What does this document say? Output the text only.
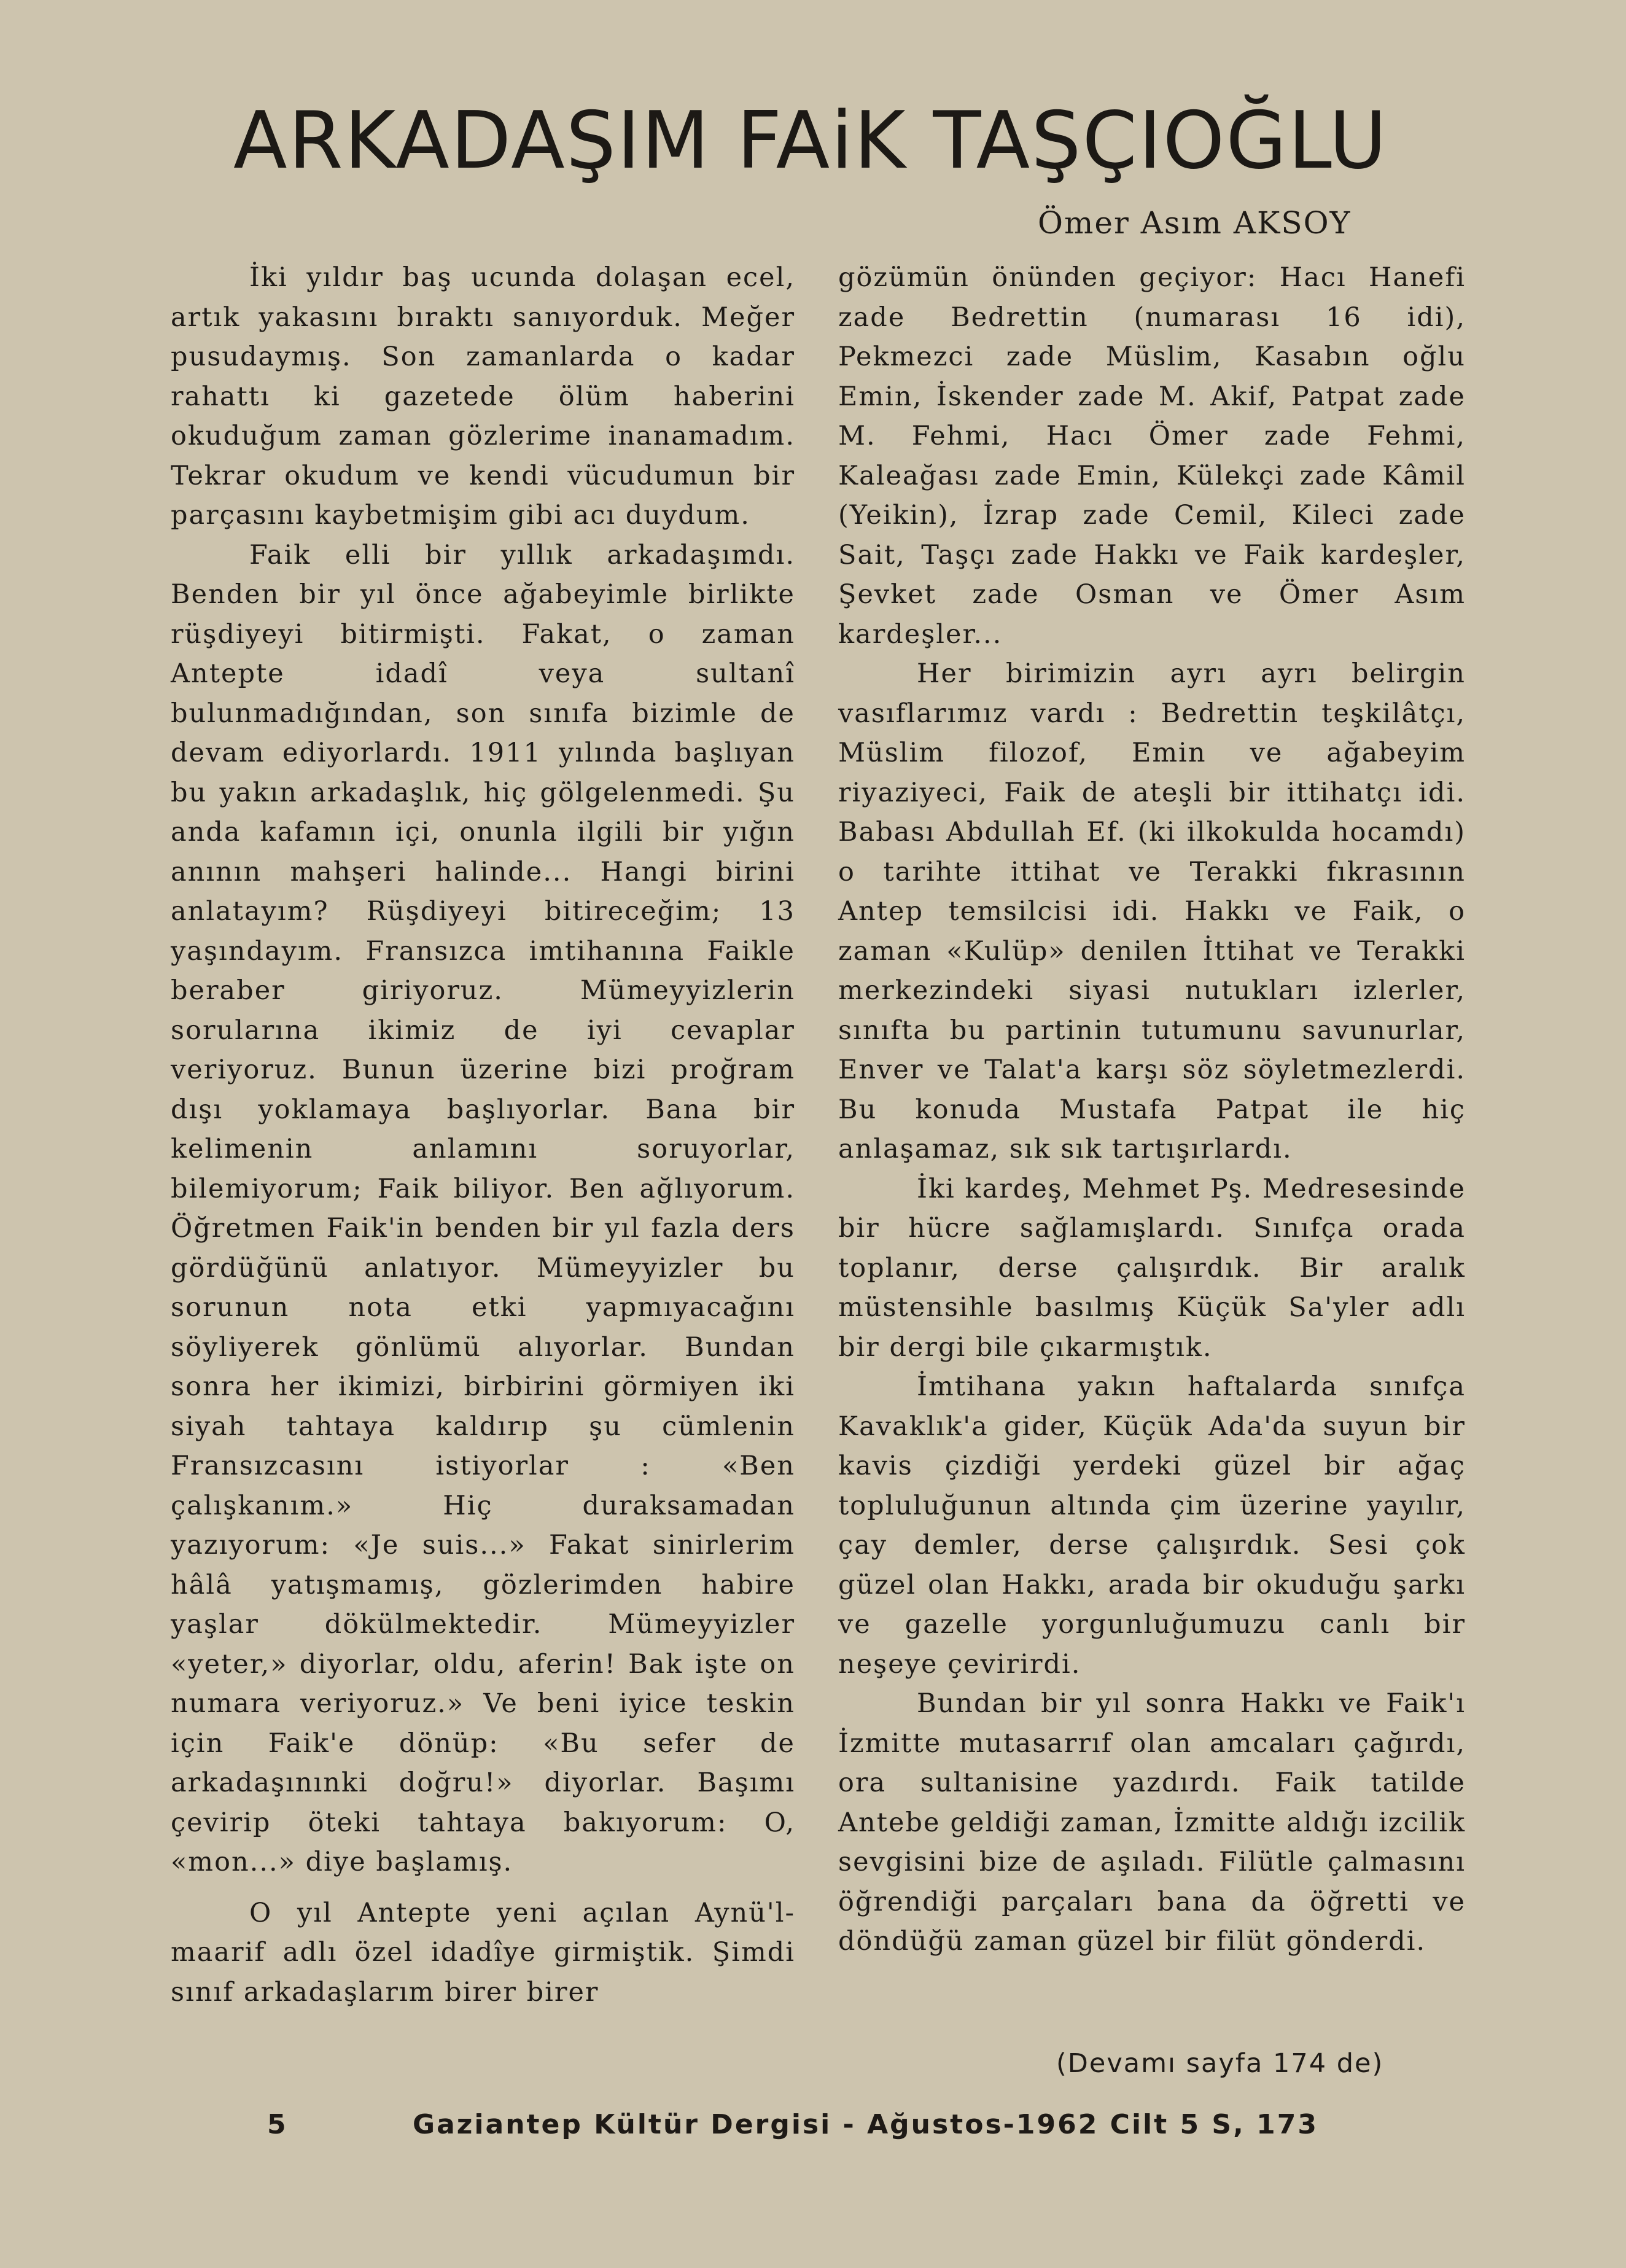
ARKADAŞIM FAiK TAŞÇIOĞLU
Ömer Asım AKSOY

İki yıldır baş ucunda dolaşan ecel, artık yakasını bıraktı sanıyorduk. Meğer pusudaymış. Son zamanlarda o kadar rahattı ki gazetede ölüm haberini okuduğum zaman gözlerime inanamadım. Tekrar okudum ve kendi vücudumun bir parçasını kaybetmişim gibi acı duydum.

Faik elli bir yıllık arkadaşımdı. Benden bir yıl önce ağabeyimle birlikte rüşdiyeyi bitirmişti. Fakat, o zaman Antepte idadî veya sultanî bulunmadığından, son sınıfa bizimle de devam ediyorlardı. 1911 yılında başlıyan bu yakın arkadaşlık, hiç gölgelenmedi. Şu anda kafamın içi, onunla ilgili bir yığın anının mahşeri halinde... Hangi birini anlatayım? Rüşdiyeyi bitireceğim; 13 yaşındayım. Fransızca imtihanına Faikle beraber giriyoruz. Mümeyyizlerin sorularına ikimiz de iyi cevaplar veriyoruz. Bunun üzerine bizi proğram dışı yoklamaya başlıyorlar. Bana bir kelimenin anlamını soruyorlar, bilemiyorum; Faik biliyor. Ben ağlıyorum. Öğretmen Faik'in benden bir yıl fazla ders gördüğünü anlatıyor. Mümeyyizler bu sorunun nota etki yapmıyacağını söyliyerek gönlümü alıyorlar. Bundan sonra her ikimizi, birbirini görmiyen iki siyah tahtaya kaldırıp şu cümlenin Fransızcasını istiyorlar : «Ben çalışkanım.» Hiç duraksamadan yazıyorum: «Je suis...» Fakat sinirlerim hâlâ yatışmamış, gözlerimden habire yaşlar dökülmektedir. Mümeyyizler «yeter,» diyorlar, oldu, aferin! Bak işte on numara veriyoruz.» Ve beni iyice teskin için Faik'e dönüp: «Bu sefer de arkadaşınınki doğru!» diyorlar. Başımı çevirip öteki tahtaya bakıyorum: O, «mon...» diye başlamış.

O yıl Antepte yeni açılan Aynü'l-maarif adlı özel idadîye girmiştik. Şimdi sınıf arkadaşlarım birer birer

gözümün önünden geçiyor: Hacı Hanefi zade Bedrettin (numarası 16 idi), Pekmezci zade Müslim, Kasabın oğlu Emin, İskender zade M. Akif, Patpat zade M. Fehmi, Hacı Ömer zade Fehmi, Kaleağası zade Emin, Külekçi zade Kâmil (Yeikin), İzrap zade Cemil, Kileci zade Sait, Taşçı zade Hakkı ve Faik kardeşler, Şevket zade Osman ve Ömer Asım kardeşler...

Her birimizin ayrı ayrı belirgin vasıflarımız vardı : Bedrettin teşkilâtçı, Müslim filozof, Emin ve ağabeyim riyaziyeci, Faik de ateşli bir ittihatçı idi. Babası Abdullah Ef. (ki ilkokulda hocamdı) o tarihte ittihat ve Terakki fıkrasının Antep temsilcisi idi. Hakkı ve Faik, o zaman «Kulüp» denilen İttihat ve Terakki merkezindeki siyasi nutukları izlerler, sınıfta bu partinin tutumunu savunurlar, Enver ve Talat'a karşı söz söyletmezlerdi. Bu konuda Mustafa Patpat ile hiç anlaşamaz, sık sık tartışırlardı.

İki kardeş, Mehmet Pş. Medresesinde bir hücre sağlamışlardı. Sınıfça orada toplanır, derse çalışırdık. Bir aralık müstensihle basılmış Küçük Sa'yler adlı bir dergi bile çıkarmıştık.

İmtihana yakın haftalarda sınıfça Kavaklık'a gider, Küçük Ada'da suyun bir kavis çizdiği yerdeki güzel bir ağaç topluluğunun altında çim üzerine yayılır, çay demler, derse çalışırdık. Sesi çok güzel olan Hakkı, arada bir okuduğu şarkı ve gazelle yorgunluğumuzu canlı bir neşeye çevirirdi.

Bundan bir yıl sonra Hakkı ve Faik'ı İzmitte mutasarrıf olan amcaları çağırdı, ora sultanisine yazdırdı. Faik tatilde Antebe geldiği zaman, İzmitte aldığı izcilik sevgisini bize de aşıladı. Filütle çalmasını öğrendiği parçaları bana da öğretti ve döndüğü zaman güzel bir filüt gönderdi.

(Devamı sayfa 174 de)
5	Gaziantep Kültür Dergisi - Ağustos-1962 Cilt 5 S, 173
